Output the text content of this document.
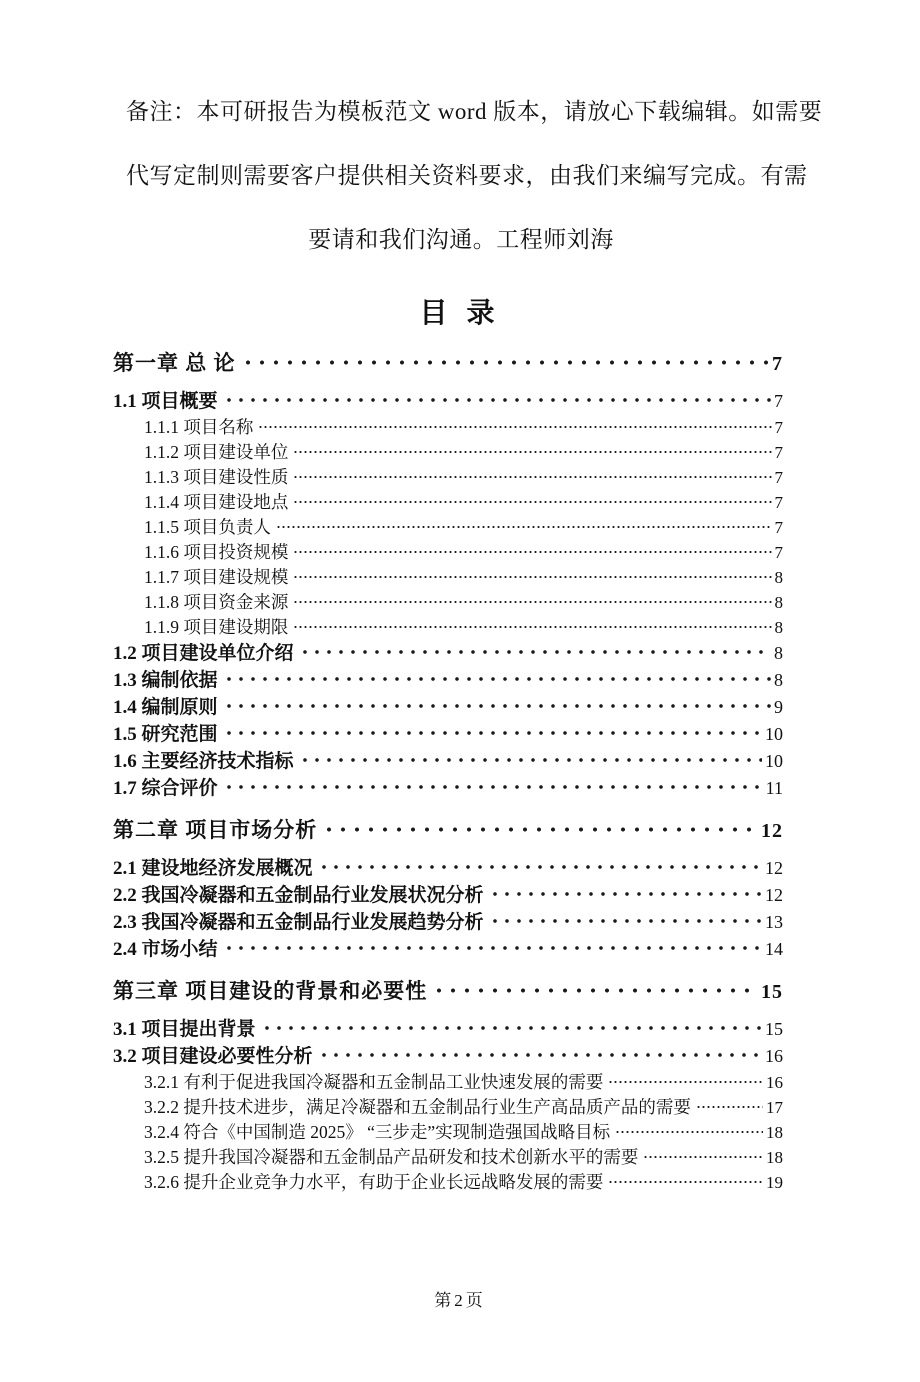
备注：本可研报告为模板范文 word 版本，请放心下载编辑。如需要
代写定制则需要客户提供相关资料要求，由我们来编写完成。有需
要请和我们沟通。工程师刘海

目 录
第一章 总 论	7
1.1 项目概要	7
1.1.1 项目名称	7
1.1.2 项目建设单位	7
1.1.3 项目建设性质	7
1.1.4 项目建设地点	7
1.1.5 项目负责人	7
1.1.6 项目投资规模	7
1.1.7 项目建设规模	8
1.1.8 项目资金来源	8
1.1.9 项目建设期限	8
1.2 项目建设单位介绍	8
1.3 编制依据	8
1.4 编制原则	9
1.5 研究范围	10
1.6 主要经济技术指标	10
1.7 综合评价	11
第二章 项目市场分析	12
2.1 建设地经济发展概况	12
2.2 我国冷凝器和五金制品行业发展状况分析	12
2.3 我国冷凝器和五金制品行业发展趋势分析	13
2.4 市场小结	14
第三章 项目建设的背景和必要性	15
3.1 项目提出背景	15
3.2 项目建设必要性分析	16
3.2.1 有利于促进我国冷凝器和五金制品工业快速发展的需要	16
3.2.2 提升技术进步，满足冷凝器和五金制品行业生产高品质产品的需要	17
3.2.4 符合《中国制造 2025》 “三步走”实现制造强国战略目标	18
3.2.5 提升我国冷凝器和五金制品产品研发和技术创新水平的需要	18
3.2.6 提升企业竞争力水平，有助于企业长远战略发展的需要	19
第2页
